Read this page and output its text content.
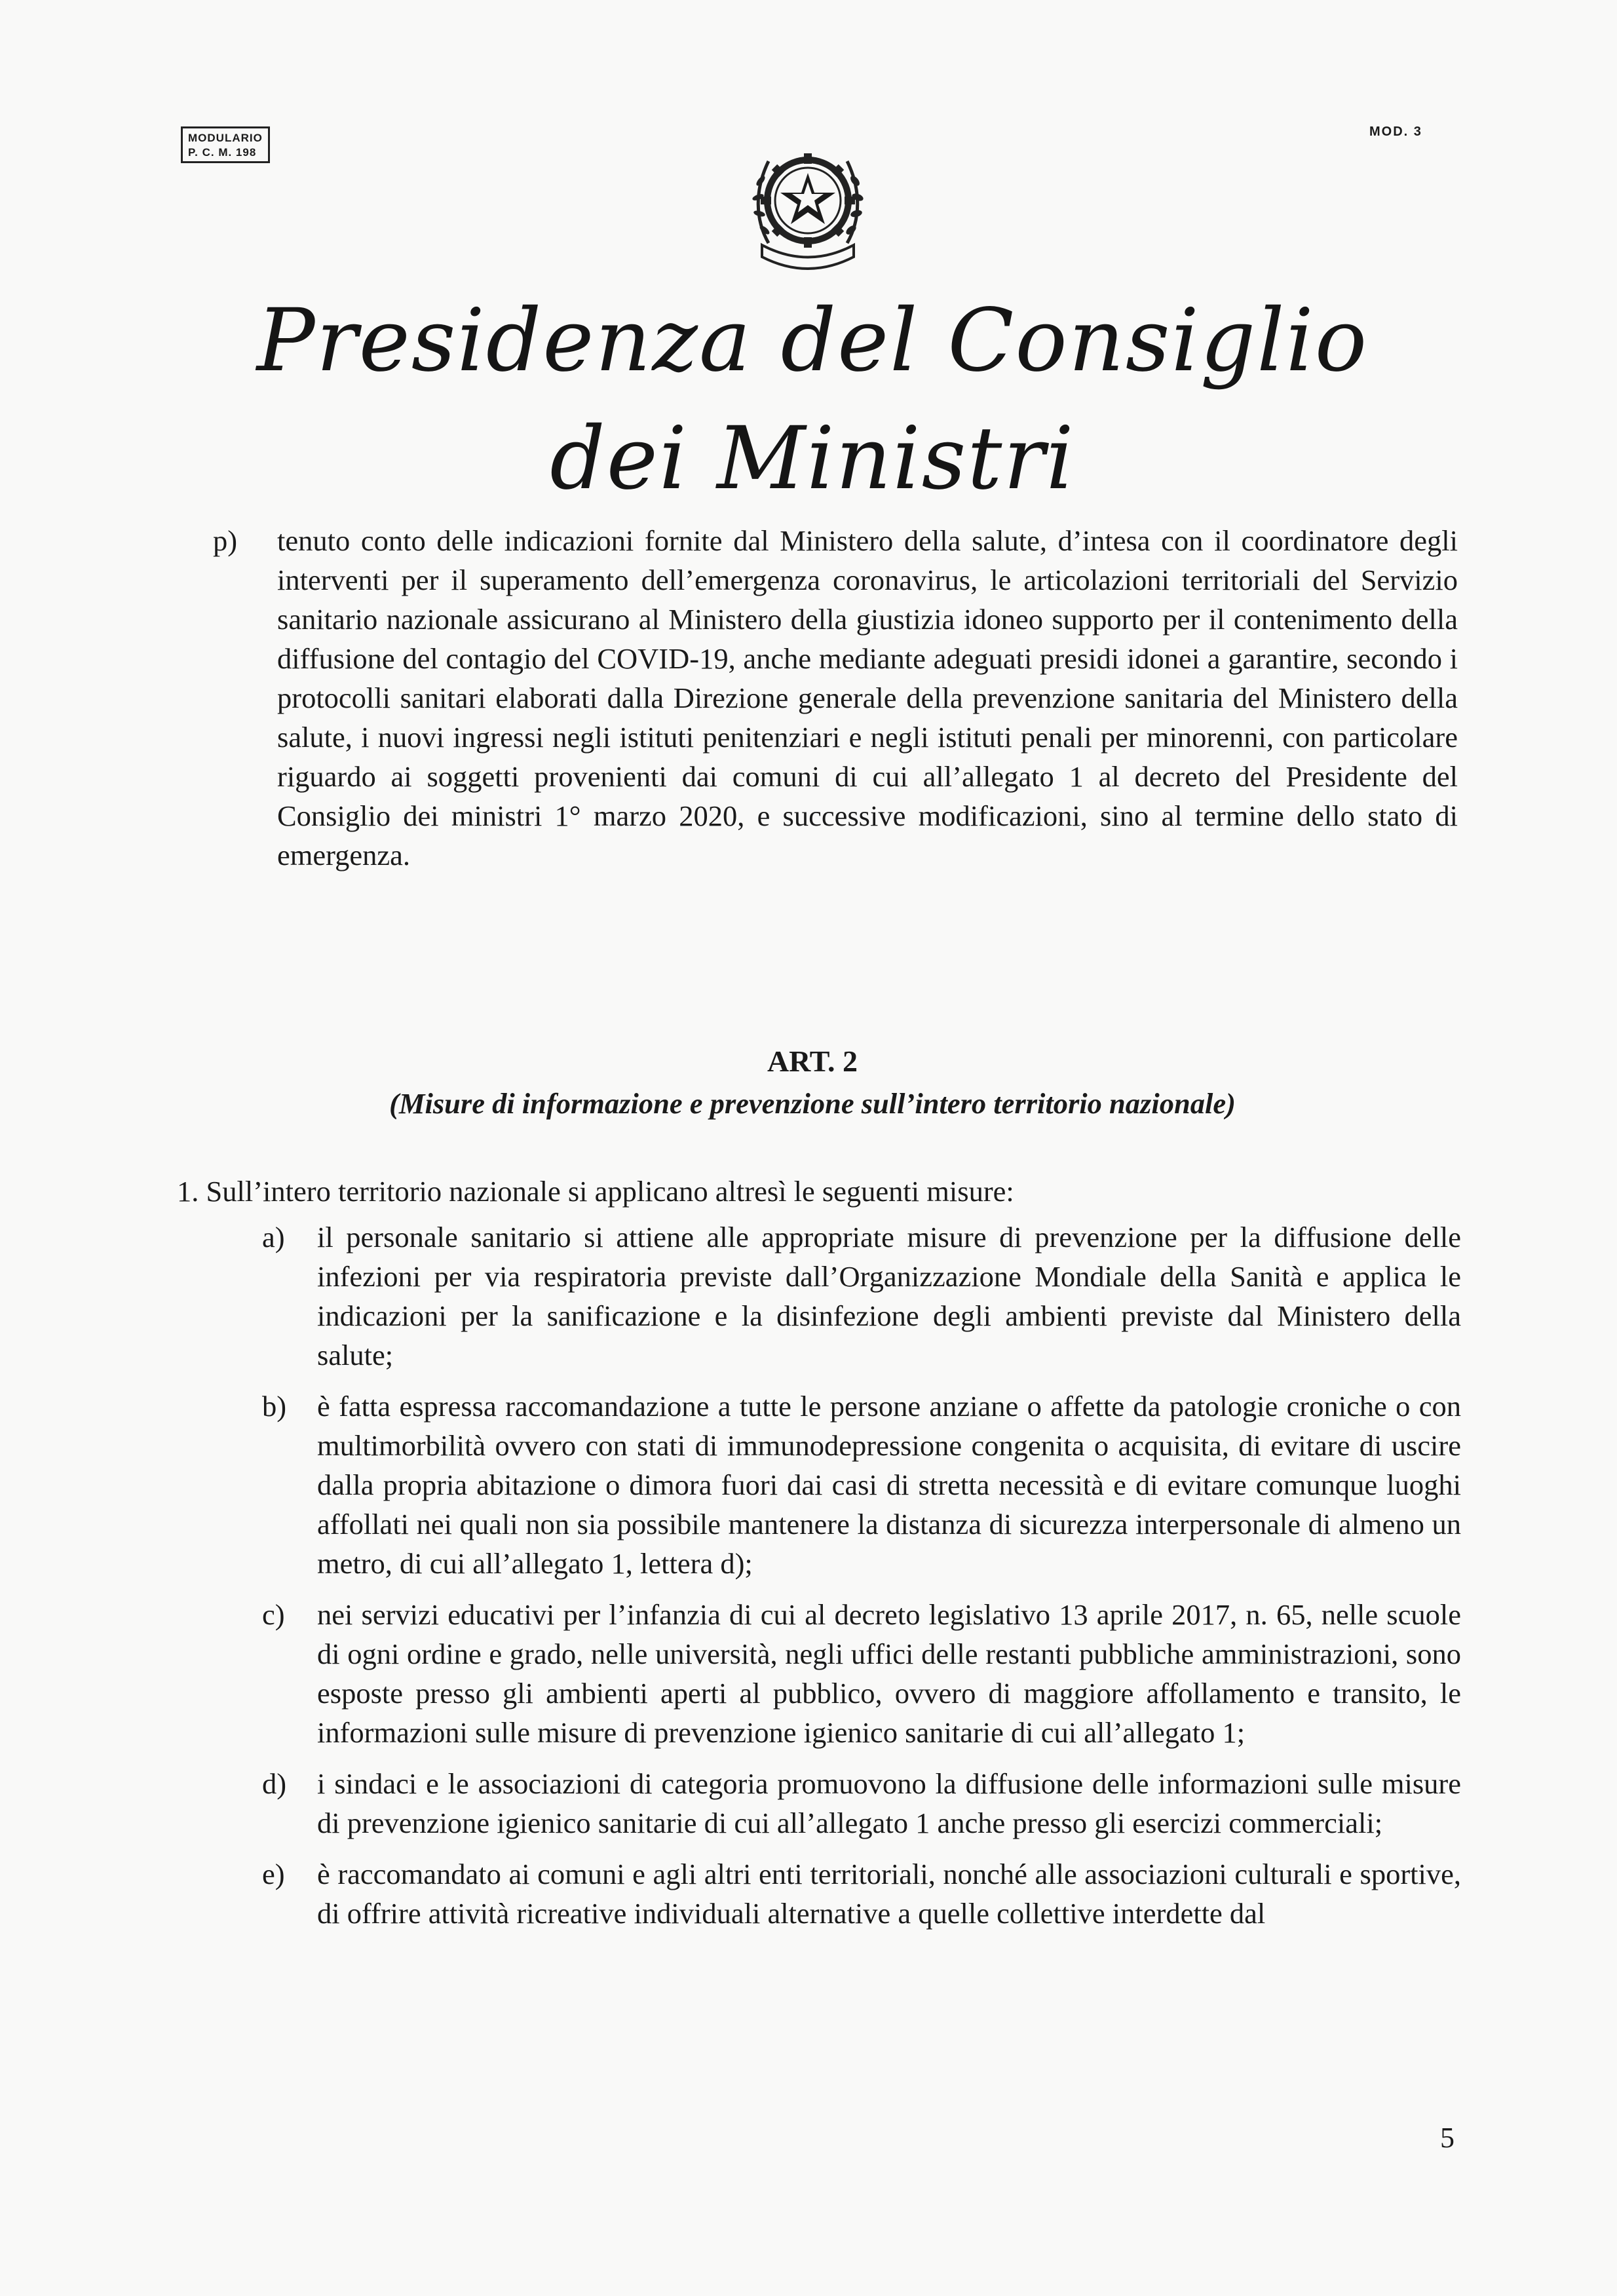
MODULARIO
P. C. M. 198
MOD. 3
Presidenza del Consiglio dei Ministri
p) tenuto conto delle indicazioni fornite dal Ministero della salute, d’intesa con il coordinatore degli interventi per il superamento dell’emergenza coronavirus, le articolazioni territoriali del Servizio sanitario nazionale assicurano al Ministero della giustizia idoneo supporto per il contenimento della diffusione del contagio del COVID-19, anche mediante adeguati presidi idonei a garantire, secondo i protocolli sanitari elaborati dalla Direzione generale della prevenzione sanitaria del Ministero della salute, i nuovi ingressi negli istituti penitenziari e negli istituti penali per minorenni, con particolare riguardo ai soggetti provenienti dai comuni di cui all’allegato 1 al decreto del Presidente del Consiglio dei ministri 1° marzo 2020, e successive modificazioni, sino al termine dello stato di emergenza.
ART. 2
(Misure di informazione e prevenzione sull’intero territorio nazionale)
1. Sull’intero territorio nazionale si applicano altresì le seguenti misure:
a) il personale sanitario si attiene alle appropriate misure di prevenzione per la diffusione delle infezioni per via respiratoria previste dall’Organizzazione Mondiale della Sanità e applica le indicazioni per la sanificazione e la disinfezione degli ambienti previste dal Ministero della salute;
b) è fatta espressa raccomandazione a tutte le persone anziane o affette da patologie croniche o con multimorbilità ovvero con stati di immunodepressione congenita o acquisita, di evitare di uscire dalla propria abitazione o dimora fuori dai casi di stretta necessità e di evitare comunque luoghi affollati nei quali non sia possibile mantenere la distanza di sicurezza interpersonale di almeno un metro, di cui all’allegato 1, lettera d);
c) nei servizi educativi per l’infanzia di cui al decreto legislativo 13 aprile 2017, n. 65, nelle scuole di ogni ordine e grado, nelle università, negli uffici delle restanti pubbliche amministrazioni, sono esposte presso gli ambienti aperti al pubblico, ovvero di maggiore affollamento e transito, le informazioni sulle misure di prevenzione igienico sanitarie di cui all’allegato 1;
d) i sindaci e le associazioni di categoria promuovono la diffusione delle informazioni sulle misure di prevenzione igienico sanitarie di cui all’allegato 1 anche presso gli esercizi commerciali;
e) è raccomandato ai comuni e agli altri enti territoriali, nonché alle associazioni culturali e sportive, di offrire attività ricreative individuali alternative a quelle collettive interdette dal
5
